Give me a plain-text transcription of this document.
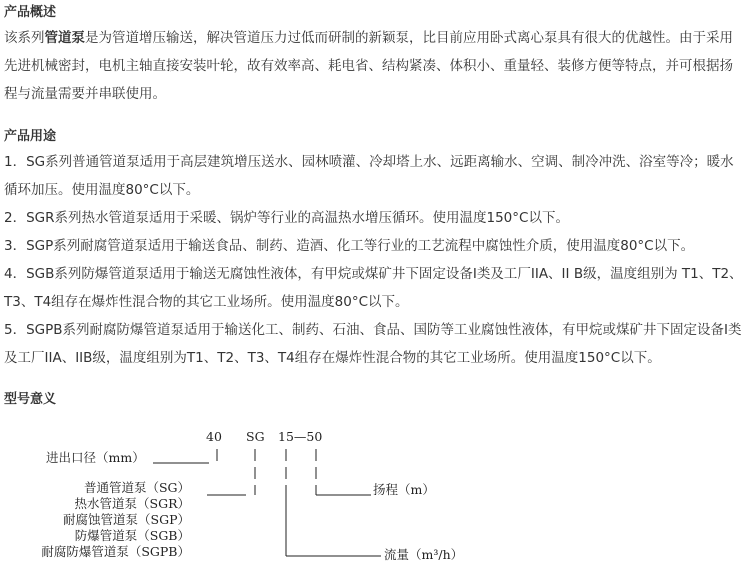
产品概述

该系列管道泵是为管道增压输送，解决管道压力过低而研制的新颖泵，比目前应用卧式离心泵具有很大的优越性。由于采用先进机械密封，电机主轴直接安装叶轮，故有效率高、耗电省、结构紧凑、体积小、重量轻、装修方便等特点，并可根据扬程与流量需要并串联使用。

产品用途

1．SG系列普通管道泵适用于高层建筑增压送水、园林喷灌、冷却塔上水、远距离输水、空调、制冷冲洗、浴室等冷；暖水循环加压。使用温度80°C以下。

2．SGR系列热水管道泵适用于采暖、锅炉等行业的高温热水增压循环。使用温度150°C以下。

3．SGP系列耐腐管道泵适用于输送食品、制药、造酒、化工等行业的工艺流程中腐蚀性介质，使用温度80°C以下。

4．SGB系列防爆管道泵适用于输送无腐蚀性液体，有甲烷或煤矿井下固定设备I类及工厂IIA、II B级，温度组别为 T1、T2、T3、T4组存在爆炸性混合物的其它工业场所。使用温度80°C以下。

5．SGPB系列耐腐防爆管道泵适用于输送化工、制药、石油、食品、国防等工业腐蚀性液体，有甲烷或煤矿井下固定设备I类及工厂IIA、IIB级，温度组别为T1、T2、T3、T4组存在爆炸性混合物的其它工业场所。使用温度150°C以下。

型号意义
40 SG 15—50
进出口径（mm）
流量（m³/h）
扬程（m）
普通管道泵（SG）
热水管道泵（SGR）
耐腐蚀管道泵（SGP）
防爆管道泵（SGB）
耐腐防爆管道泵（SGPB）
